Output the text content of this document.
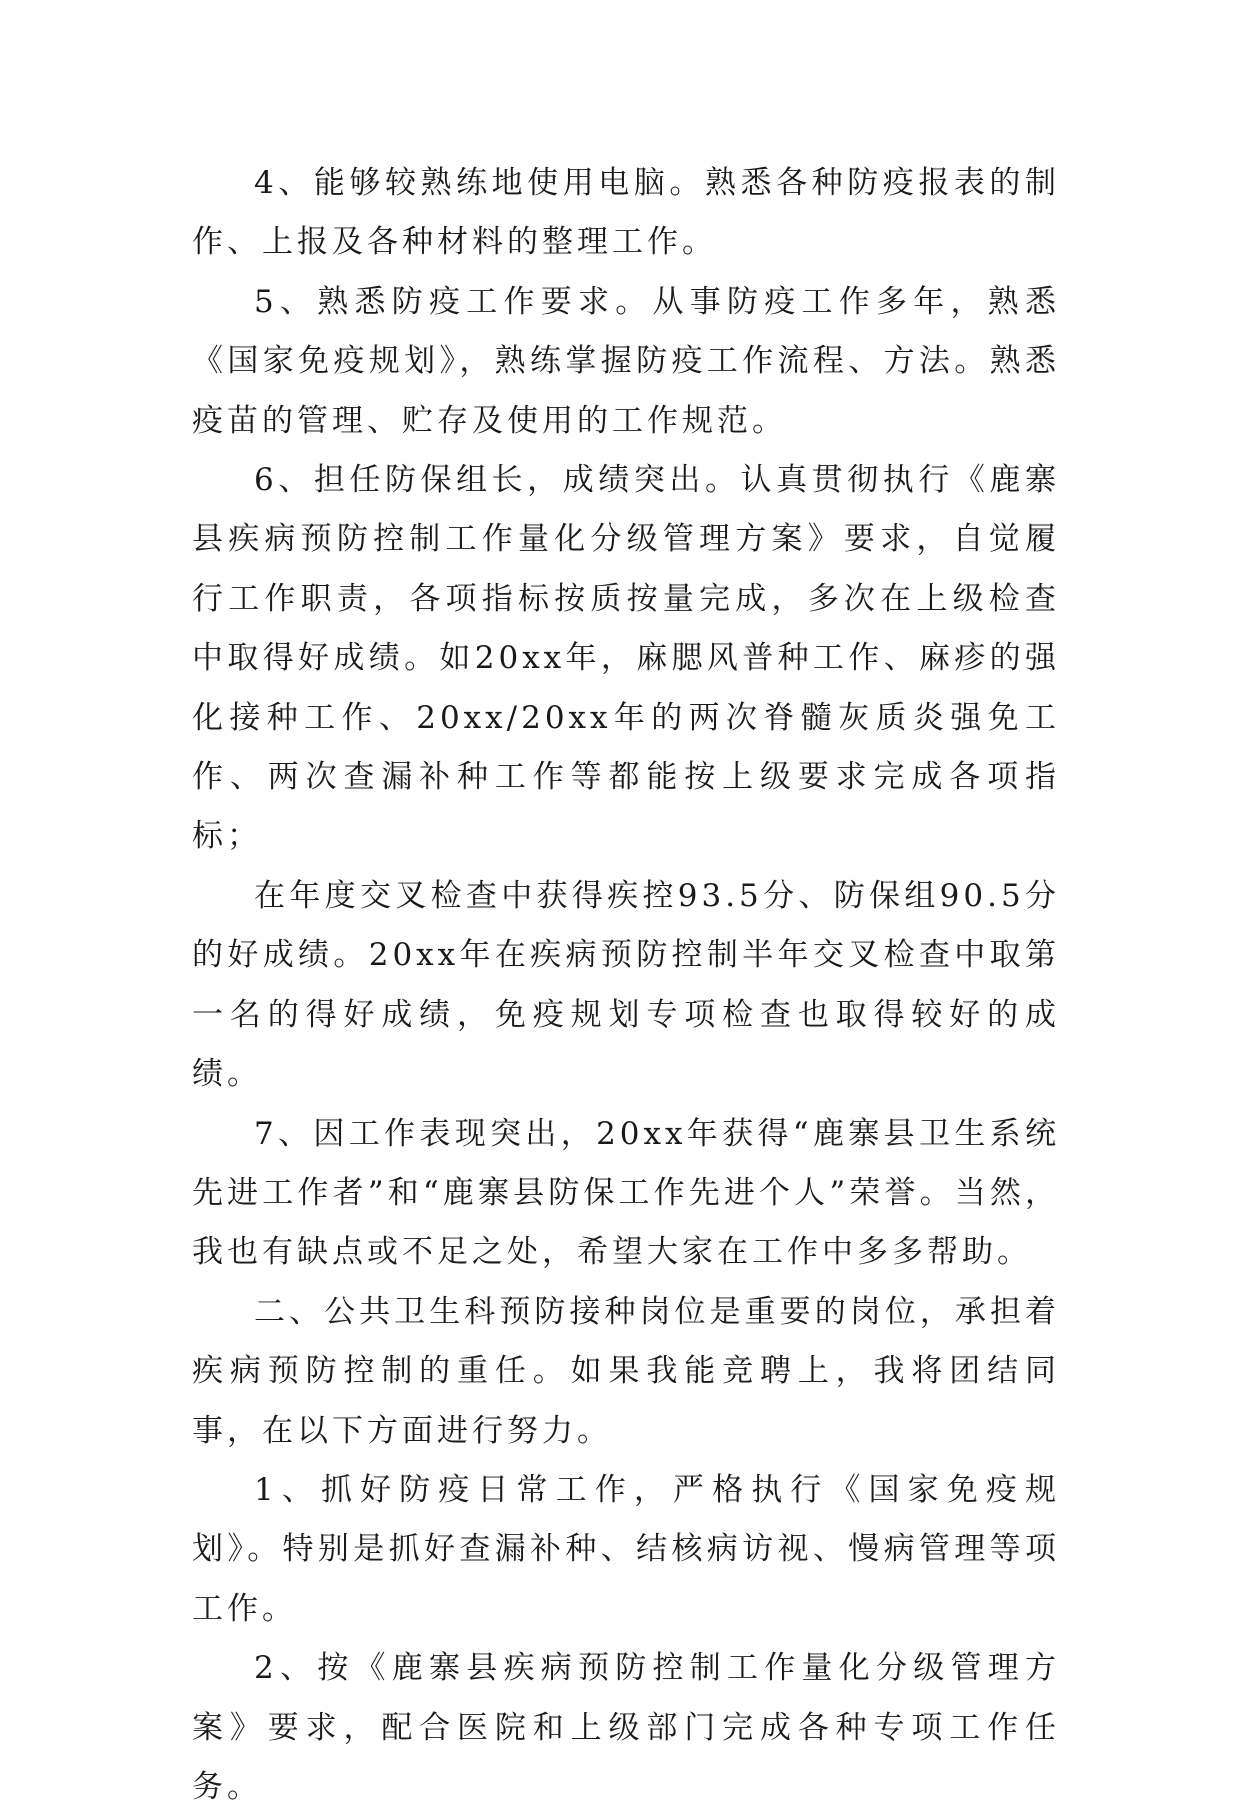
4、能够较熟练地使用电脑。熟悉各种防疫报表的制作、上报及各种材料的整理工作。

5、熟悉防疫工作要求。从事防疫工作多年，熟悉《国家免疫规划》，熟练掌握防疫工作流程、方法。熟悉疫苗的管理、贮存及使用的工作规范。

6、担任防保组长，成绩突出。认真贯彻执行《鹿寨县疾病预防控制工作量化分级管理方案》要求，自觉履行工作职责，各项指标按质按量完成，多次在上级检查中取得好成绩。如20xx年，麻腮风普种工作、麻疹的强化接种工作、20xx/20xx年的两次脊髓灰质炎强免工作、两次查漏补种工作等都能按上级要求完成各项指标；

在年度交叉检查中获得疾控93.5分、防保组90.5分的好成绩。20xx年在疾病预防控制半年交叉检查中取第一名的得好成绩，免疫规划专项检查也取得较好的成绩。

7、因工作表现突出，20xx年获得“鹿寨县卫生系统先进工作者”和“鹿寨县防保工作先进个人”荣誉。当然，我也有缺点或不足之处，希望大家在工作中多多帮助。

二、公共卫生科预防接种岗位是重要的岗位，承担着疾病预防控制的重任。如果我能竞聘上，我将团结同事，在以下方面进行努力。

1、抓好防疫日常工作，严格执行《国家免疫规划》。特别是抓好查漏补种、结核病访视、慢病管理等项工作。

2、按《鹿寨县疾病预防控制工作量化分级管理方案》要求，配合医院和上级部门完成各种专项工作任务。
